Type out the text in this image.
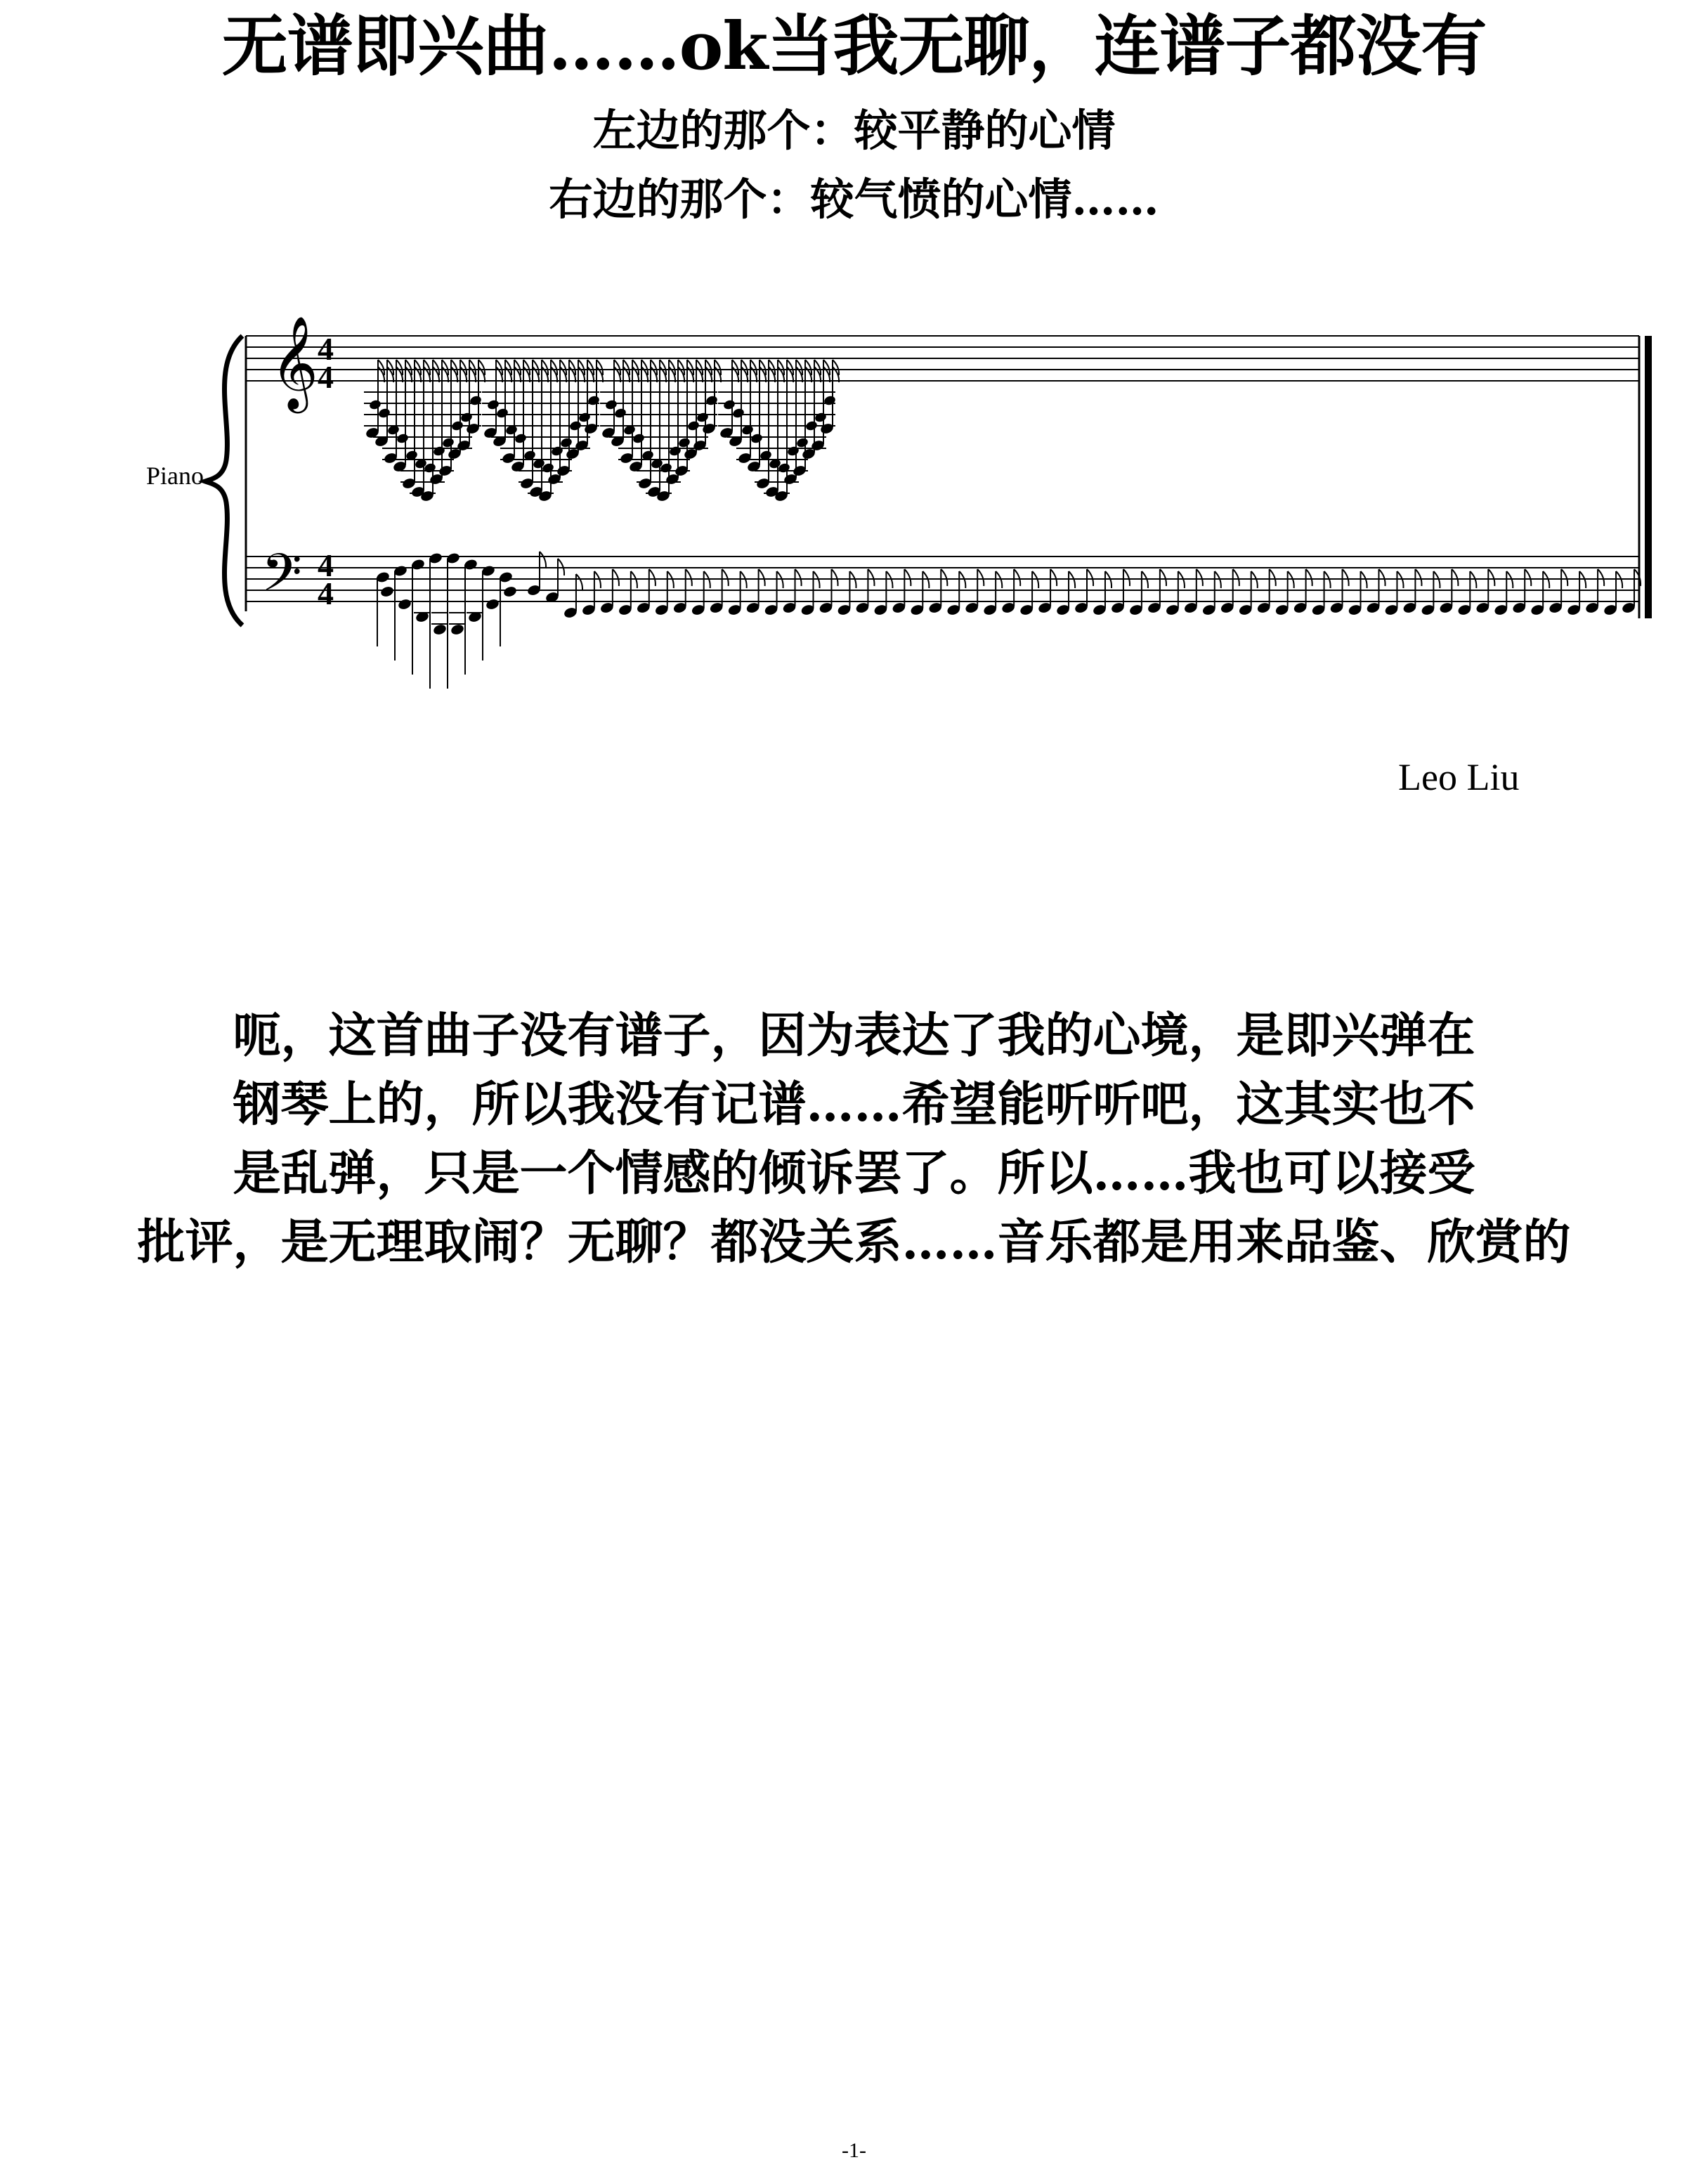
无谱即兴曲……ok当我无聊，连谱子都没有
左边的那个：较平静的心情
右边的那个：较气愤的心情……
𝄞
𝄢
4
4
4
4
Piano
Leo Liu
呃，这首曲子没有谱子，因为表达了我的心境，是即兴弹在
钢琴上的，所以我没有记谱……希望能听听吧，这其实也不
是乱弹，只是一个情感的倾诉罢了。所以……我也可以接受
批评，是无理取闹？无聊？都没关系……音乐都是用来品鉴、欣赏的
-1-
